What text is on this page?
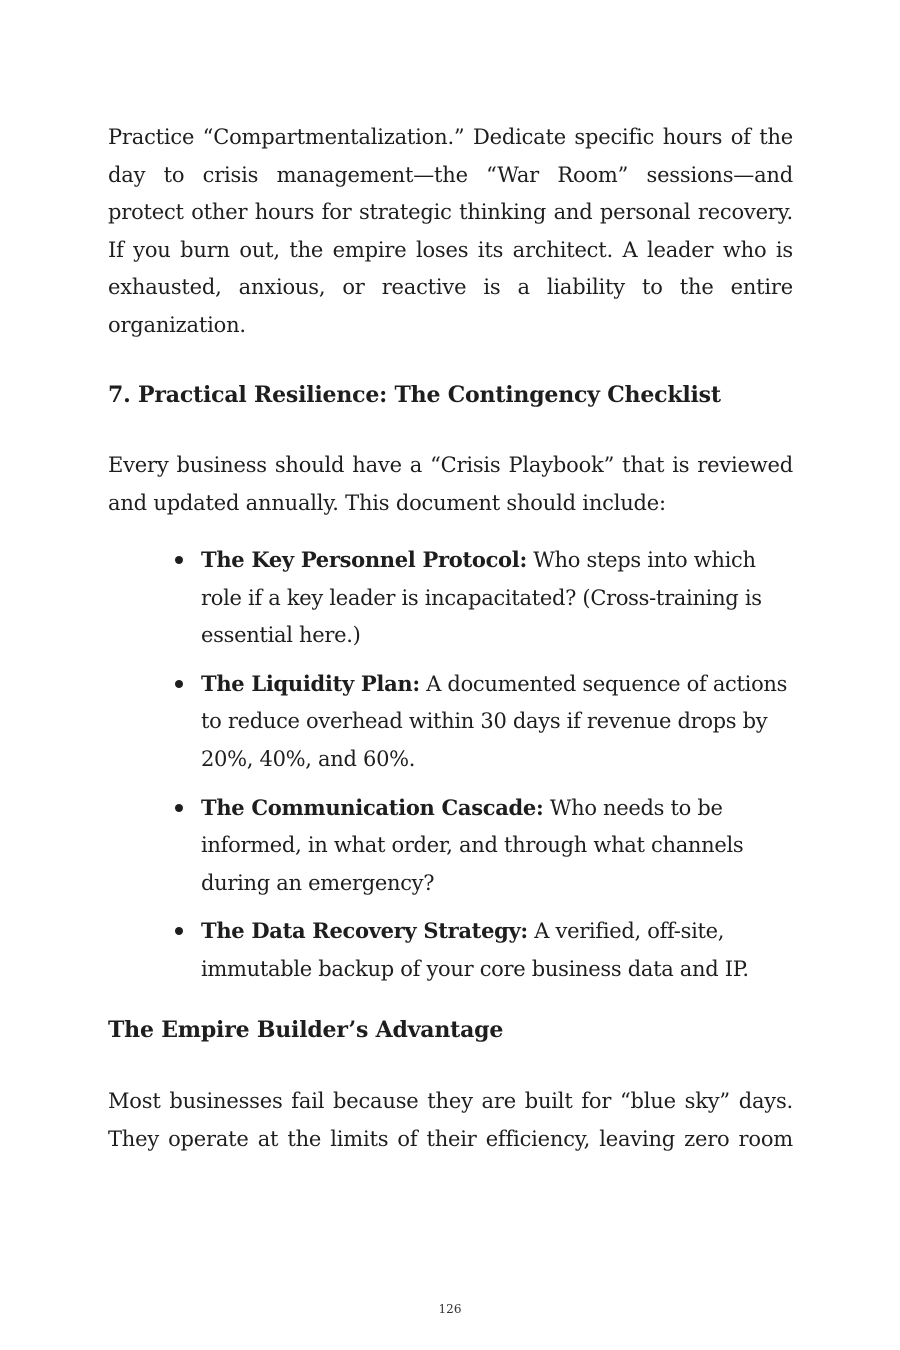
Practice “Compartmentalization.” Dedicate specific hours of the day to crisis management—the “War Room” sessions—and protect other hours for strategic thinking and personal recovery. If you burn out, the empire loses its architect. A leader who is exhausted, anxious, or reactive is a liability to the entire organization.

7. Practical Resilience: The Contingency Checklist

Every business should have a “Crisis Playbook” that is reviewed and updated annually. This document should include:

The Key Personnel Protocol: Who steps into which role if a key leader is incapacitated? (Cross-training is essential here.)
The Liquidity Plan: A documented sequence of actions to reduce overhead within 30 days if revenue drops by 20%, 40%, and 60%.
The Communication Cascade: Who needs to be informed, in what order, and through what channels during an emergency?
The Data Recovery Strategy: A verified, off-site, immutable backup of your core business data and IP.
The Empire Builder’s Advantage

Most businesses fail because they are built for “blue sky” days. They operate at the limits of their efficiency, leaving zero room

126
